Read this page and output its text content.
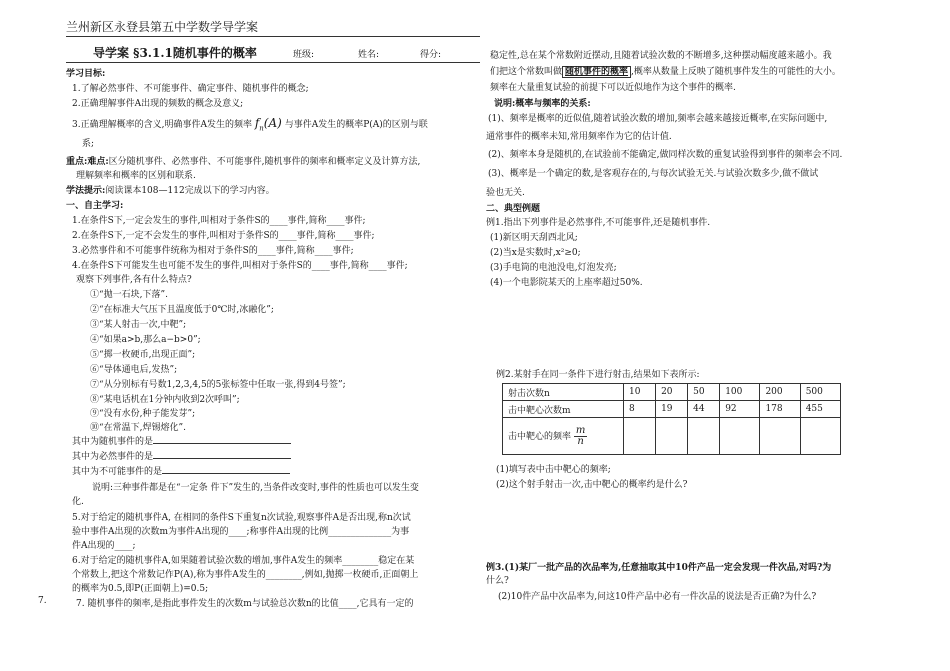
兰州新区永登县第五中学数学导学案
导学案 §3.1.1随机事件的概率	班级:	姓名:	得分:
学习目标:
1.了解必然事件、不可能事件、确定事件、随机事件的概念;
2.正确理解事件A出现的频数的概念及意义;
3.正确理解概率的含义,明确事件A发生的频率 $f_n(A)$ 与事件A发生的概率P(A)的区别与联
系;
重点:难点:区分随机事件、必然事件、不可能事件,随机事件的频率和概率定义及计算方法,
理解频率和概率的区别和联系.
学法提示:阅读课本108—112完成以下的学习内容。
一、自主学习:
1.在条件S下,一定会发生的事件,叫相对于条件S的____事件,简称____事件;
2.在条件S下,一定不会发生的事件,叫相对于条件S的____事件,简称____事件;
3.必然事件和不可能事件统称为相对于条件S的____事件,简称____事件;
4.在条件S下可能发生也可能不发生的事件,叫相对于条件S的____事件,简称____事件;
观察下列事件,各有什么特点?
①“抛一石块,下落”.
②“在标准大气压下且温度低于0℃时,冰融化”;
③“某人射击一次,中靶”;
④“如果a>b,那么a−b>0”;
⑤“掷一枚硬币,出现正面”;
⑥“导体通电后,发热”;
⑦“从分别标有号数1,2,3,4,5的5张标签中任取一张,得到4号签”;
⑧“某电话机在1分钟内收到2次呼叫”;
⑨“没有水份,种子能发芽”;
⑩“在常温下,焊锡熔化”.
其中为随机事件的是
其中为必然事件的是
其中为不可能事件的是
说明:三种事件都是在“一定条 件下”发生的,当条件改变时,事件的性质也可以发生变
化.
5.对于给定的随机事件A, 在相同的条件S下重复n次试验,观察事件A是否出现,称n次试
验中事件A出现的次数m为事件A出现的____;称事件A出现的比例______________为事
件A出现的____;
6.对于给定的随机事件A,如果随着试验次数的增加,事件A发生的频率________稳定在某
个常数上,把这个常数记作P(A),称为事件A发生的________,例如,抛掷一枚硬币,正面朝上
的概率为0.5,即P(正面朝上)=0.5;
7.	7. 随机事件的频率,是指此事件发生的次数m与试验总次数n的比值____,它具有一定的
稳定性,总在某个常数附近摆动,且随着试验次数的不断增多,这种摆动幅度越来越小。我
们把这个常数叫做 随机事件的概率 ,概率从数量上反映了随机事件发生的可能性的大小。
频率在大量重复试验的前提下可以近似地作为这个事件的概率.
说明:概率与频率的关系:
(1)、频率是概率的近似值,随着试验次数的增加,频率会越来越接近概率,在实际问题中,
通常事件的概率未知,常用频率作为它的估计值.
(2)、频率本身是随机的,在试验前不能确定,做同样次数的重复试验得到事件的频率会不同.
(3)、概率是一个确定的数,是客观存在的,与每次试验无关.与试验次数多少,做不做试
验也无关.
二、典型例题
例1.指出下列事件是必然事件,不可能事件,还是随机事件.
(1)新区明天刮西北风;
(2)当x是实数时,x²≥0;
(3)手电筒的电池没电,灯泡发亮;
(4)一个电影院某天的上座率超过50%.
例2.某射手在同一条件下进行射击,结果如下表所示:
射击次数n	10	20	50	100	200	500
击中靶心次数m	8	19	44	92	178	455
击中靶心的频率 $\frac{m}{n}$

(1)填写表中击中靶心的频率;
(2)这个射手射击一次,击中靶心的概率约是什么?
例3.(1)某厂一批产品的次品率为,任意抽取其中10件产品一定会发现一件次品,对吗?为
什么?
(2)10件产品中次品率为,问这10件产品中必有一件次品的说法是否正确?为什么?
